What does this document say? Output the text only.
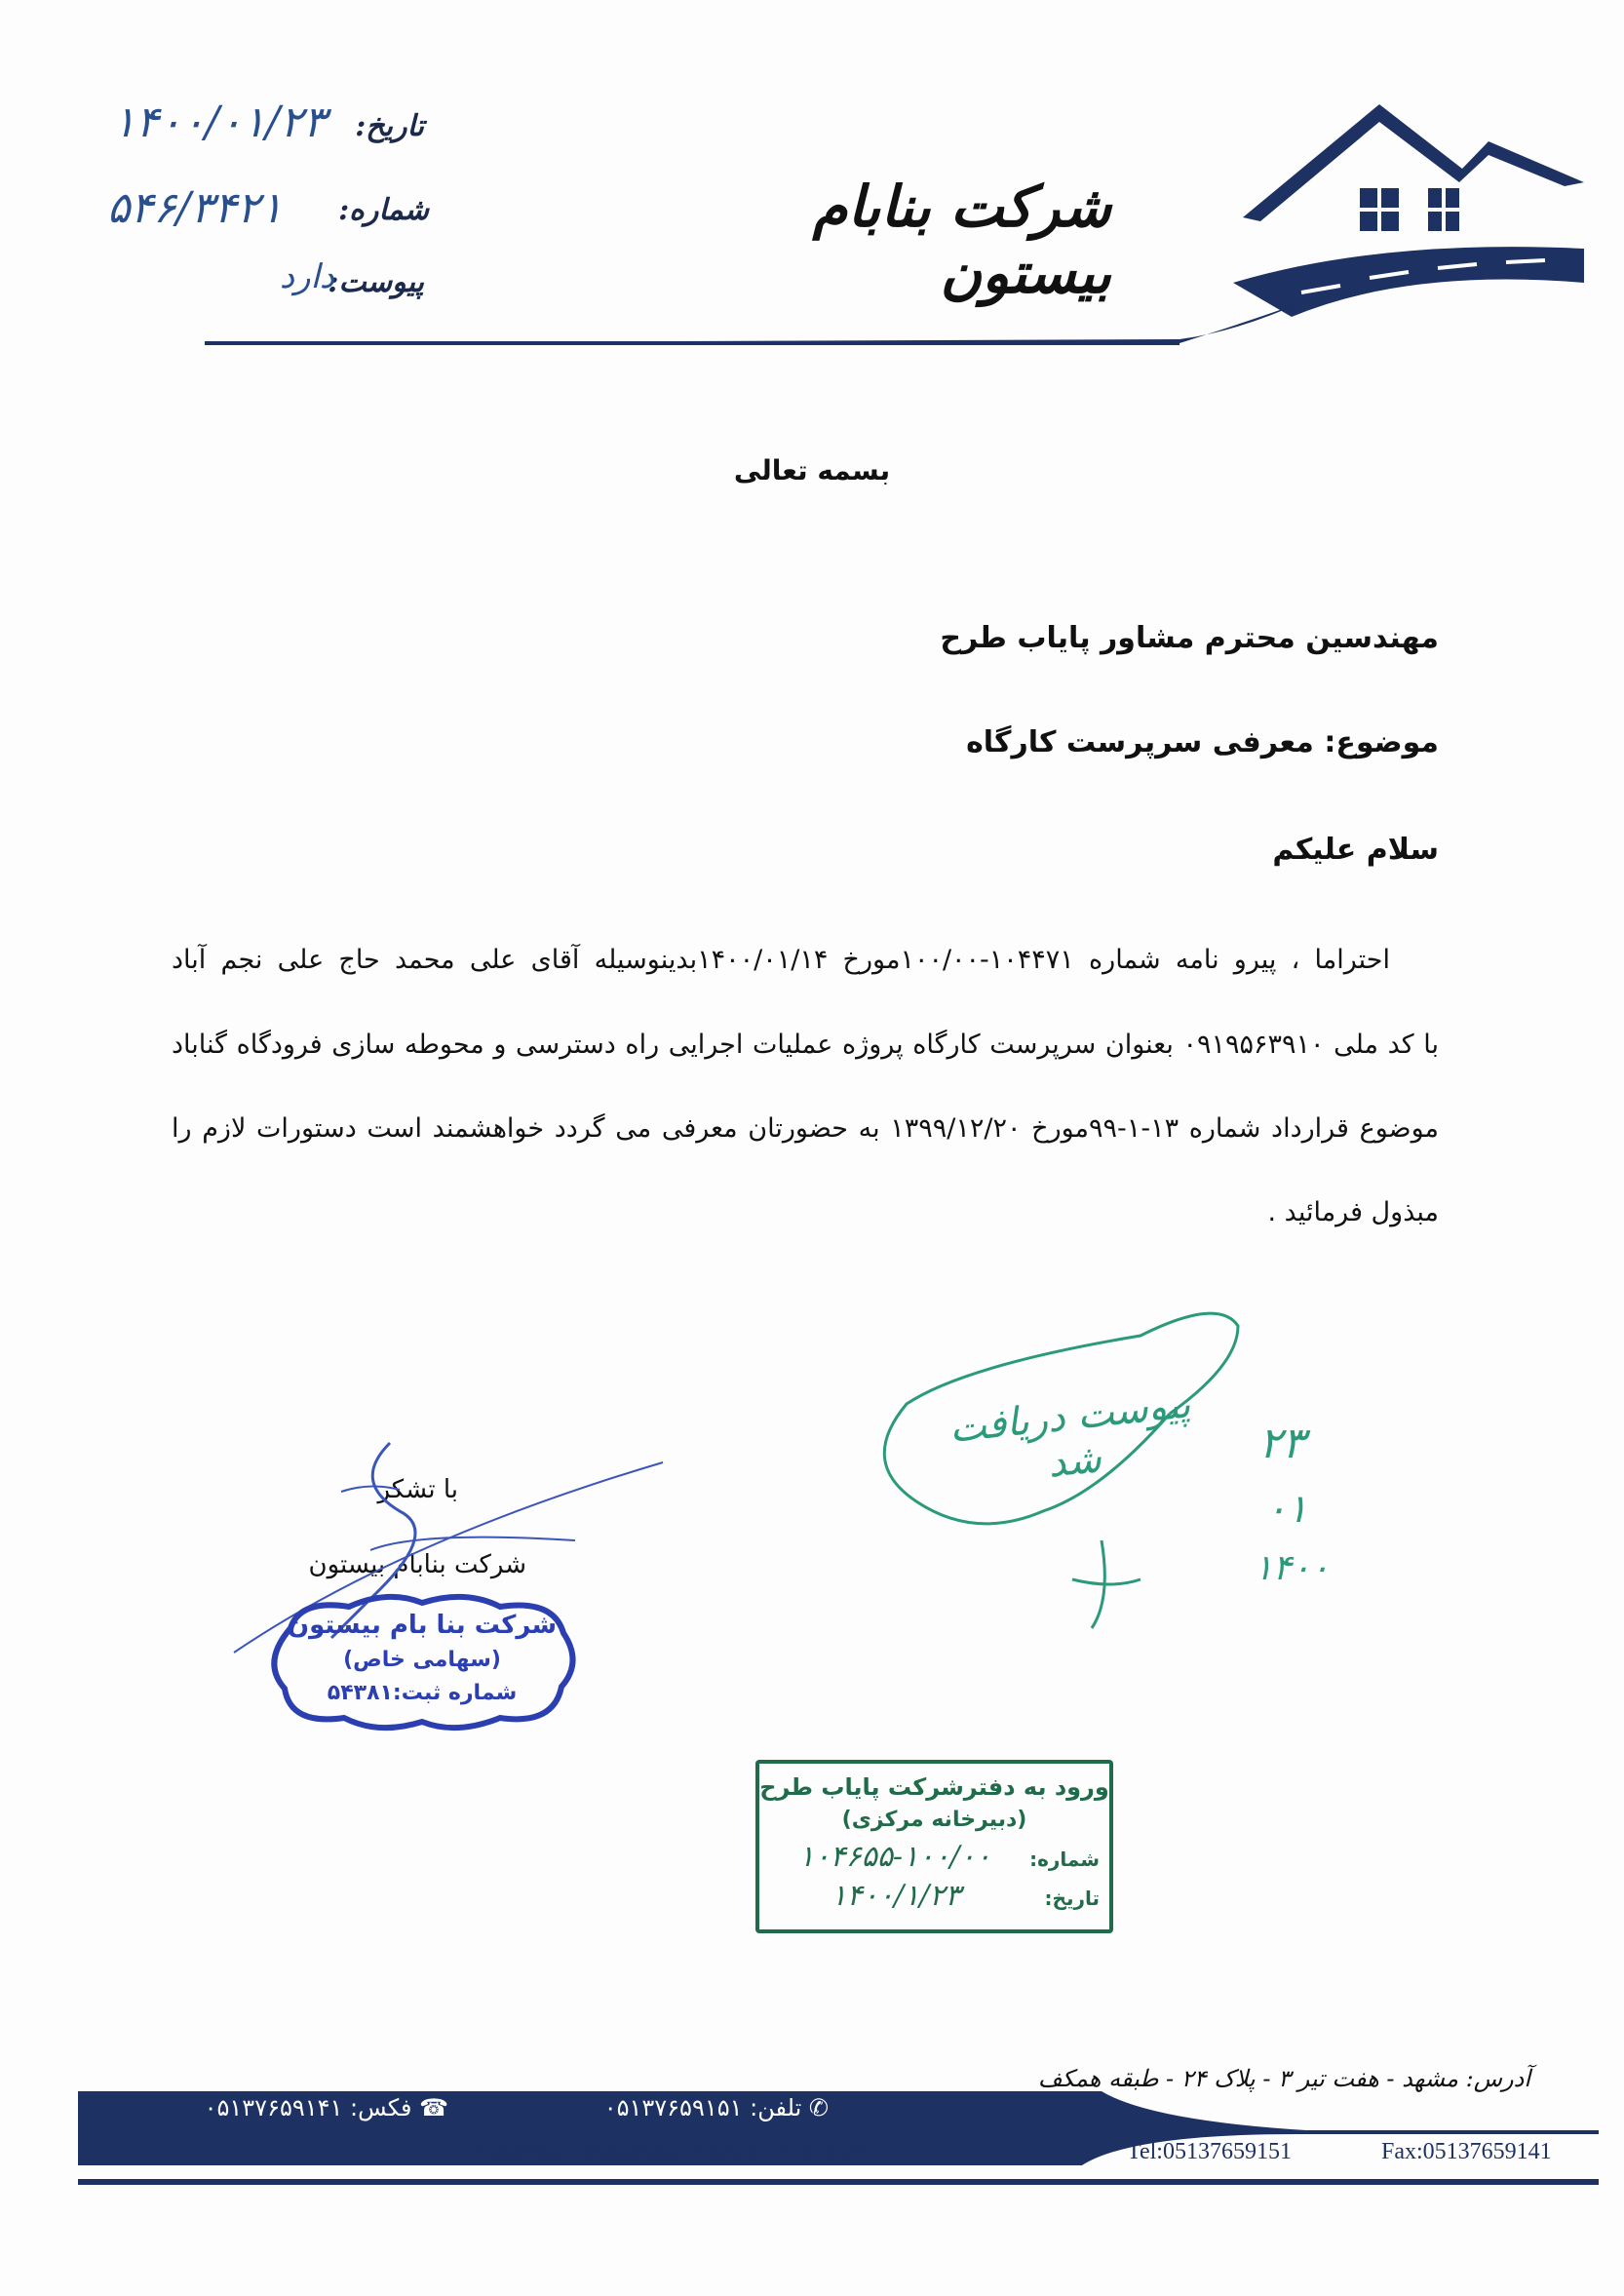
شرکت بنابام بیستون
تاریخ:
۱۴۰۰/۰۱/۲۳
شماره:
۵۴۶/۳۴۲۱
پیوست:
دارد
بسمه تعالی
مهندسین محترم مشاور پایاب طرح
موضوع: معرفی سرپرست کارگاه
سلام علیکم
احتراما ، پیرو نامه شماره ۱۰۴۴۷۱-۱۰۰/۰۰مورخ ۱۴۰۰/۰۱/۱۴بدینوسیله آقای علی محمد حاج علی نجم آباد
با کد ملی ۰۹۱۹۵۶۳۹۱۰ بعنوان سرپرست کارگاه پروژه عملیات اجرایی راه دسترسی و محوطه سازی فرودگاه گناباد
موضوع قرارداد شماره ۱۳-۱-۹۹مورخ ۱۳۹۹/۱۲/۲۰ به حضورتان معرفی می گردد خواهشمند است دستورات لازم را
مبذول فرمائید .
با تشکر
شرکت بنابام بیستون
شرکت بنا بام بیستون
(سهامی خاص)
شماره ثبت:۵۴۳۸۱
پیوست دریافت شد	۲۳
۰۱
۱۴۰۰
ورود به دفترشرکت پایاب طرح
(دبیرخانه مرکزی)
شماره:
۱۰۴۶۵۵-۱۰۰/۰۰
تاریخ:
۱۴۰۰/۱/۲۳
آدرس: مشهد - هفت تیر ۳ - پلاک ۲۴ - طبقه همکف
✆ تلفن: ۰۵۱۳۷۶۵۹۱۵۱
☎ فکس: ۰۵۱۳۷۶۵۹۱۴۱
Address : Mashhad-Haft tir 3 -No24	Tel:05137659151	Fax:05137659141
